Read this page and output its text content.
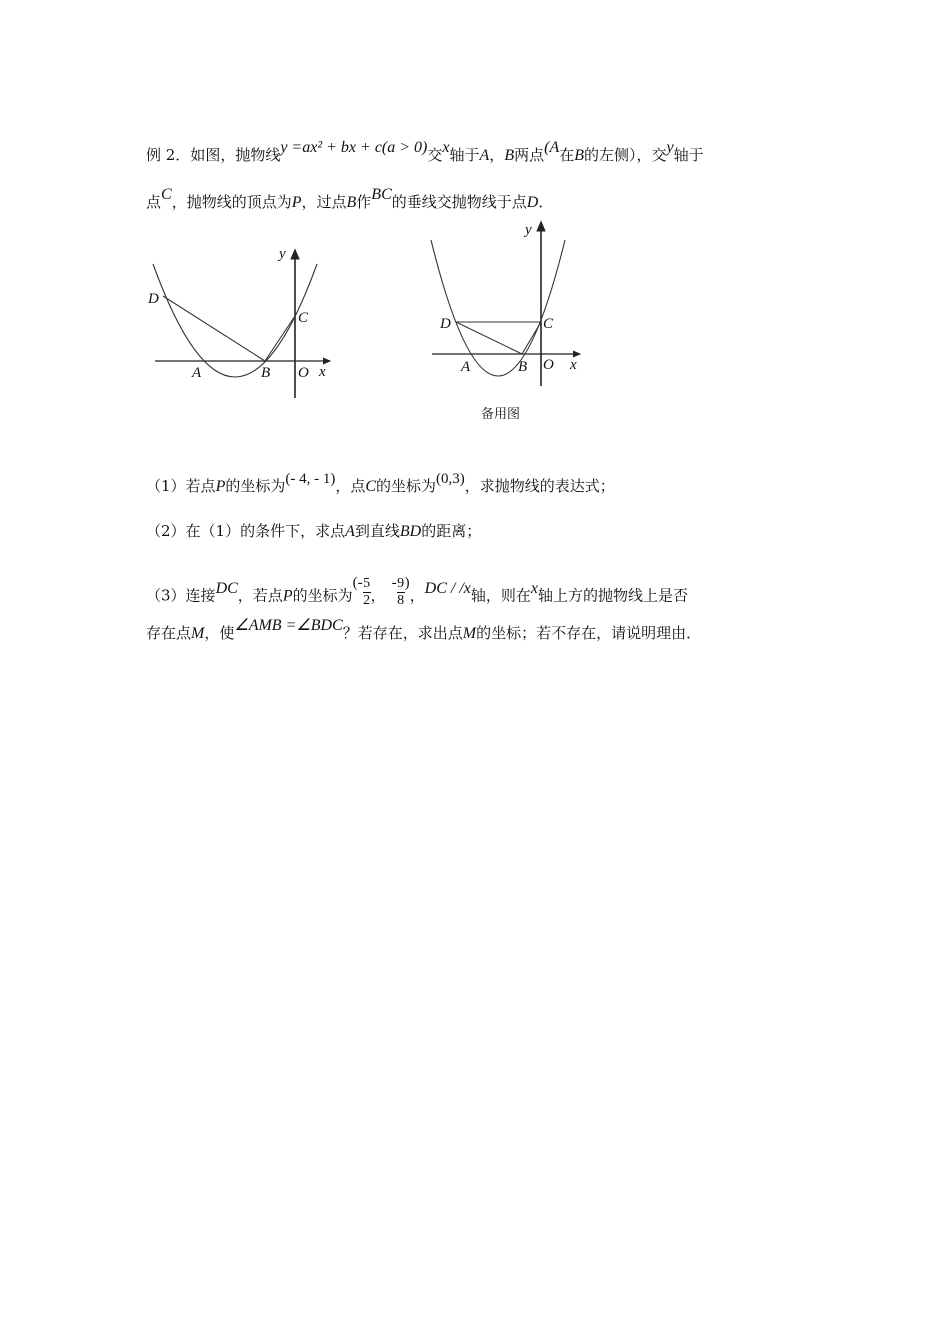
例 2．如图，抛物线y =ax² + bx + c(a > 0)交x轴于A，B两点(A在B的左侧），交y轴于
点C，抛物线的顶点为P，过点B作BC的垂线交抛物线于点D．
y
D
C
A	B O x
y
D	C
A	B O x
备用图
（1）若点P的坐标为(- 4, - 1)，点C的坐标为(0,3)，求抛物线的表达式；
（2）在（1）的条件下，求点A到直线BD的距离；
（3）连接DC，若点P的坐标为(- $\frac{5}{2}$ ，- $\frac{9}{8}$ )，DC / /x轴，则在x轴上方的抛物线上是否
存在点M，使∠AMB =∠BDC？若存在，求出点M的坐标；若不存在，请说明理由．
